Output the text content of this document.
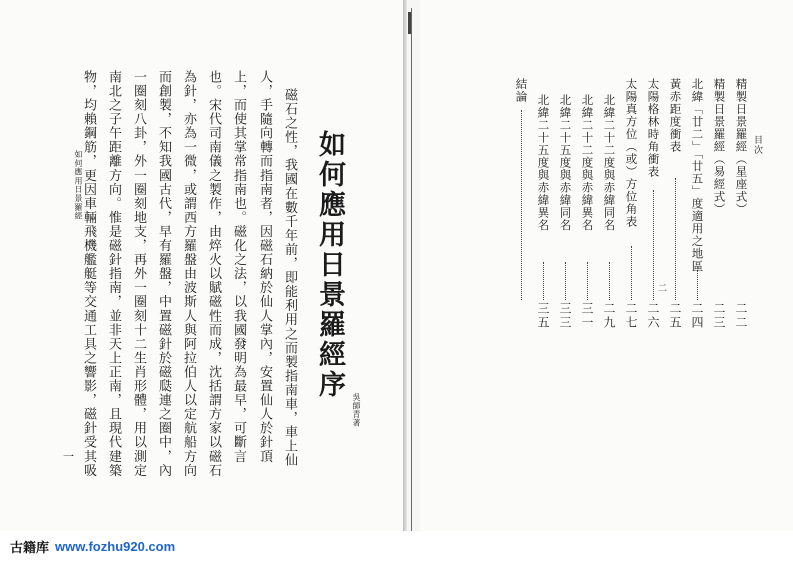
如何應用日景羅經序
吳師青著
磁石之性，我國在數千年前，即能利用之而製指南車，車上仙
人，手隨向轉而指南者，因磁石納於仙人掌內，安置仙人於針頂
上，而使其掌常指南也。磁化之法，以我國發明為最早，可斷言
也。宋代司南儀之製作，由焠火以賦磁性而成，沈括謂方家以磁石
為針，亦為一微，或謂西方羅盤由波斯人與阿拉伯人以定航船方向
而創製，不知我國古代，早有羅盤，中置磁針於磁瓞連之圈中，內
一圈刻八卦，外一圈刻地支，再外一圈刻十二生肖形體，用以測定
南北之子午距離方向。惟是磁針指南，並非天上正南，且現代建築
物，均賴鋼筋，更因車輛飛機艦艇等交通工具之響影，磁針受其吸
如何應用日景羅經
一
目次
精製日景羅經（星座式）
精製日景羅經（易經式）
北緯「廿二」「廿五」度適用之地區
黃赤距度衝表
太陽格林時角衝表
太陽真方位（或）方位角表
北緯二十二度與赤緯同名
北緯二十二度與赤緯異名
北緯二十五度與赤緯同名
北緯二十五度與赤緯異名
結論
二二
二三
二四
二五
二六
二七
二九
三一
三三
三五
二
古籍库 www.fozhu920.com
